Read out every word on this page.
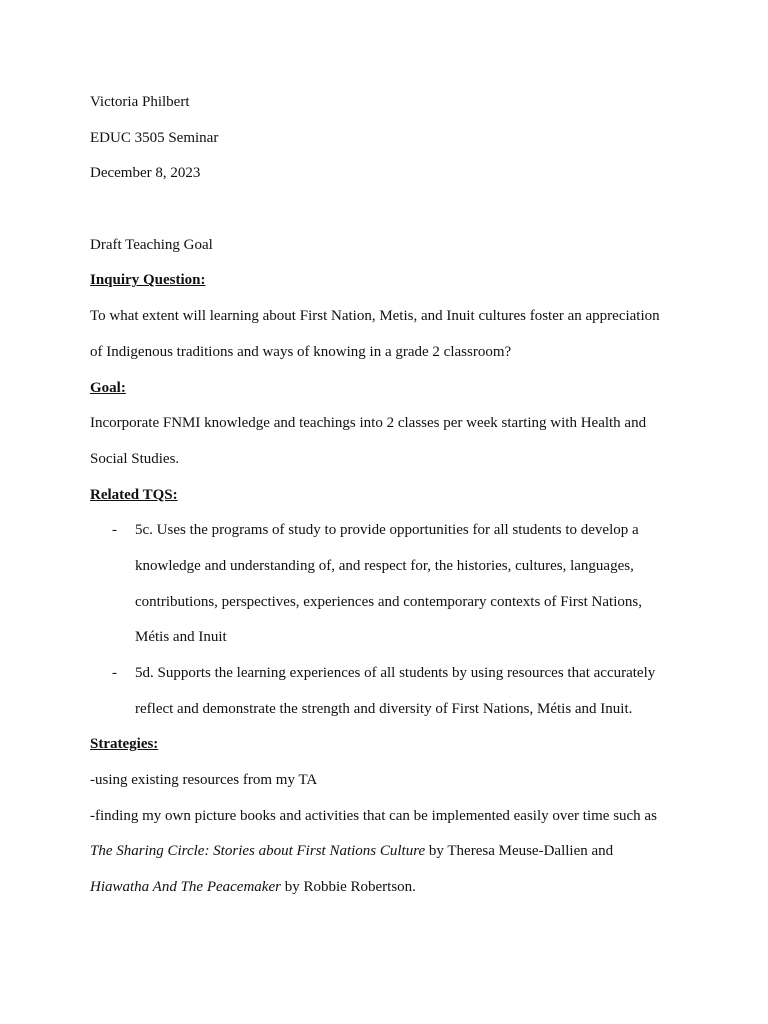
Victoria Philbert
EDUC 3505 Seminar
December 8, 2023
Draft Teaching Goal
Inquiry Question:
To what extent will learning about First Nation, Metis, and Inuit cultures foster an appreciation
of Indigenous traditions and ways of knowing in a grade 2 classroom?
Goal:
Incorporate FNMI knowledge and teachings into 2 classes per week starting with Health and
Social Studies.
Related TQS:
- 5c. Uses the programs of study to provide opportunities for all students to develop a
knowledge and understanding of, and respect for, the histories, cultures, languages,
contributions, perspectives, experiences and contemporary contexts of First Nations,
Métis and Inuit
- 5d. Supports the learning experiences of all students by using resources that accurately
reflect and demonstrate the strength and diversity of First Nations, Métis and Inuit.
Strategies:
-using existing resources from my TA
-finding my own picture books and activities that can be implemented easily over time such as
The Sharing Circle: Stories about First Nations Culture by Theresa Meuse-Dallien and
Hiawatha And The Peacemaker by Robbie Robertson.
